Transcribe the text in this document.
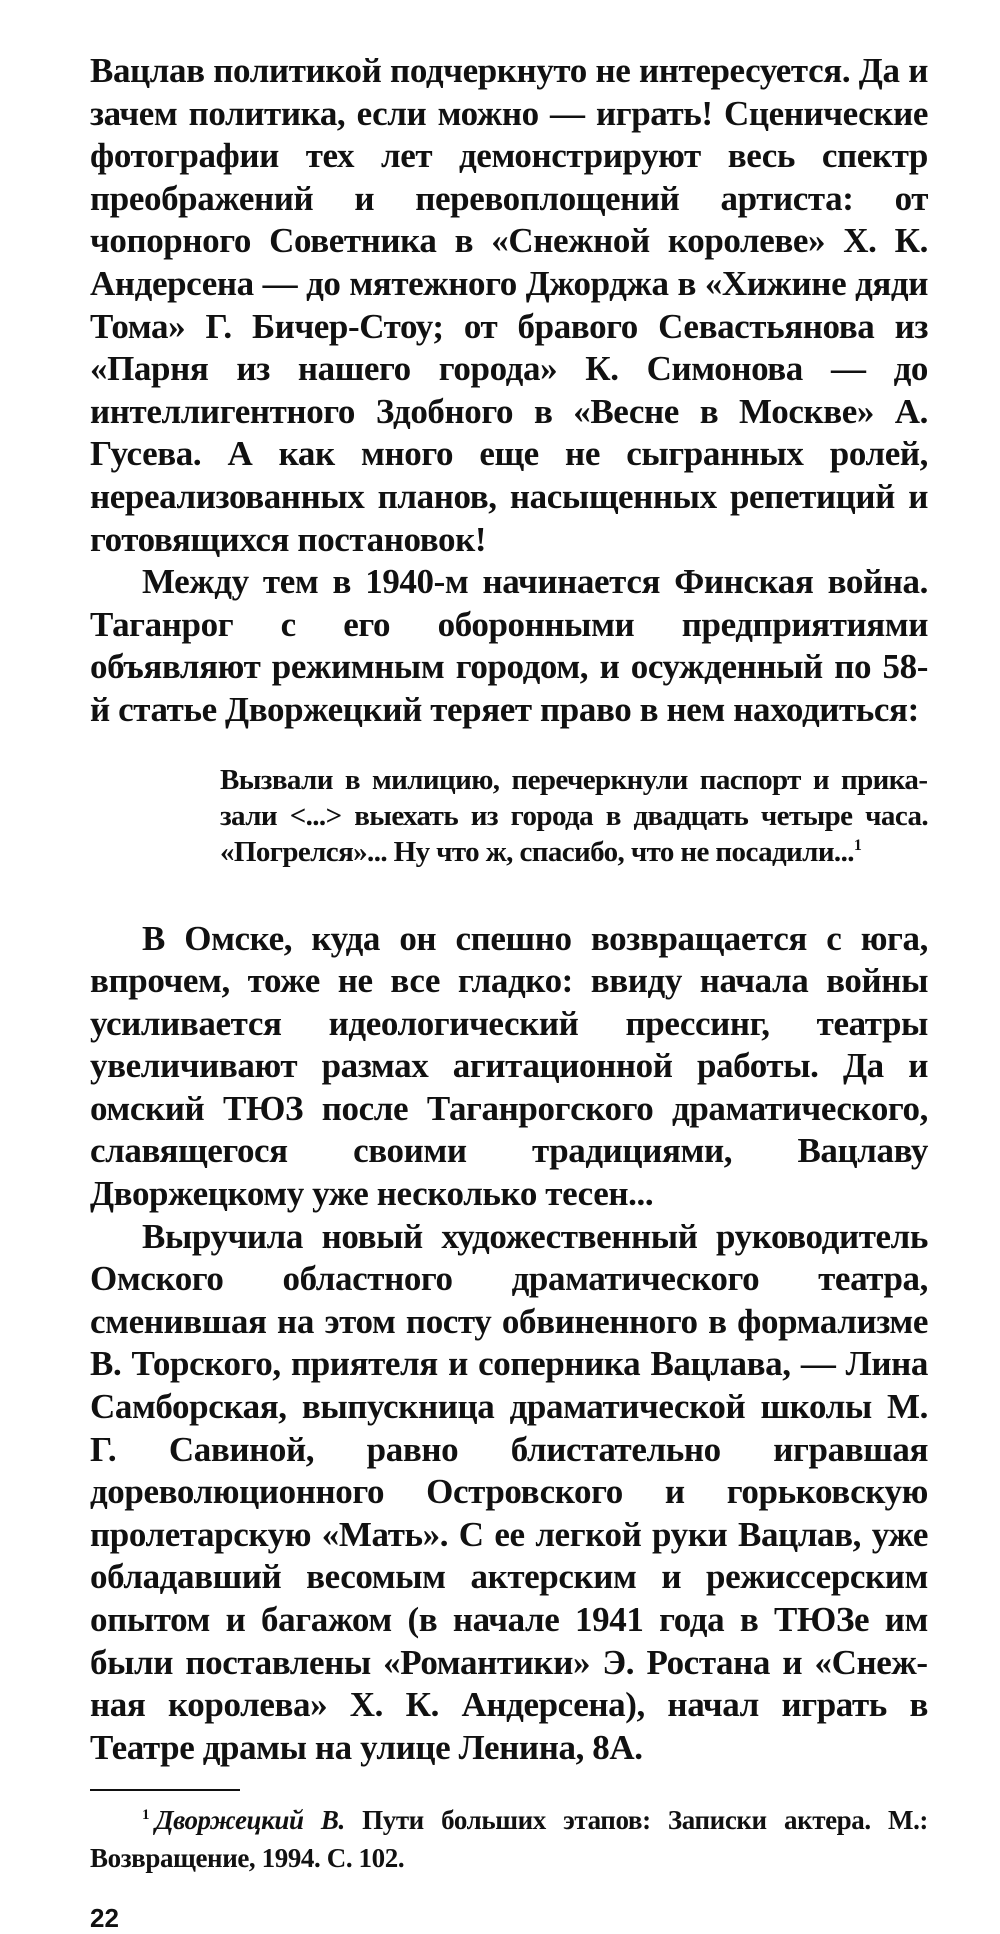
Вацлав политикой подчеркнуто не интересуется. Да и зачем политика, если можно — играть! Сценические фотографии тех лет демонстрируют весь спектр преображений и перевоплощений артиста: от чопорного Советника в «Снежной королеве» Х. К. Андерсена — до мятежного Джорджа в «Хижине дяди Тома» Г. Бичер-Стоу; от бравого Севастьянова из «Парня из нашего города» К. Симонова — до интеллигентного Здобного в «Весне в Москве» А. Гусева. А как много еще не сыгранных ролей, нереализованных планов, насыщенных репетиций и готовящихся постановок!

Между тем в 1940-м начинается Финская война. Таганрог с его оборонными предприятиями объявляют режимным городом, и осужденный по 58-й статье Дворжецкий теряет право в нем находиться:

Вызвали в милицию, перечеркнули паспорт и приказали <...> выехать из города в двадцать четыре часа. «Погрелся»... Ну что ж, спасибо, что не посадили...$^1$

В Омске, куда он спешно возвращается с юга, впрочем, тоже не все гладко: ввиду начала войны усиливается идеологический прессинг, театры увеличивают размах агитационной работы. Да и омский ТЮЗ после Таганрогского драматического, славящегося своими традициями, Вацлаву Дворжецкому уже несколько тесен...

Выручила новый художественный руководитель Омского областного драматического театра, сменившая на этом посту обвиненного в формализме В. Торского, приятеля и соперника Вацлава, — Лина Самборская, выпускница драматической школы М. Г. Савиной, равно блистательно игравшая дореволюционного Островского и горьковскую пролетарскую «Мать». С ее легкой руки Вацлав, уже обладавший весомым актерским и режиссерским опытом и багажом (в начале 1941 года в ТЮЗе им были поставлены «Романтики» Э. Ростана и «Снежная королева» Х. К. Андерсена), начал играть в Театре драмы на улице Ленина, 8А.

$^1$ Дворжецкий В. Пути больших этапов: Записки актера. М.: Возвращение, 1994. С. 102.
22
